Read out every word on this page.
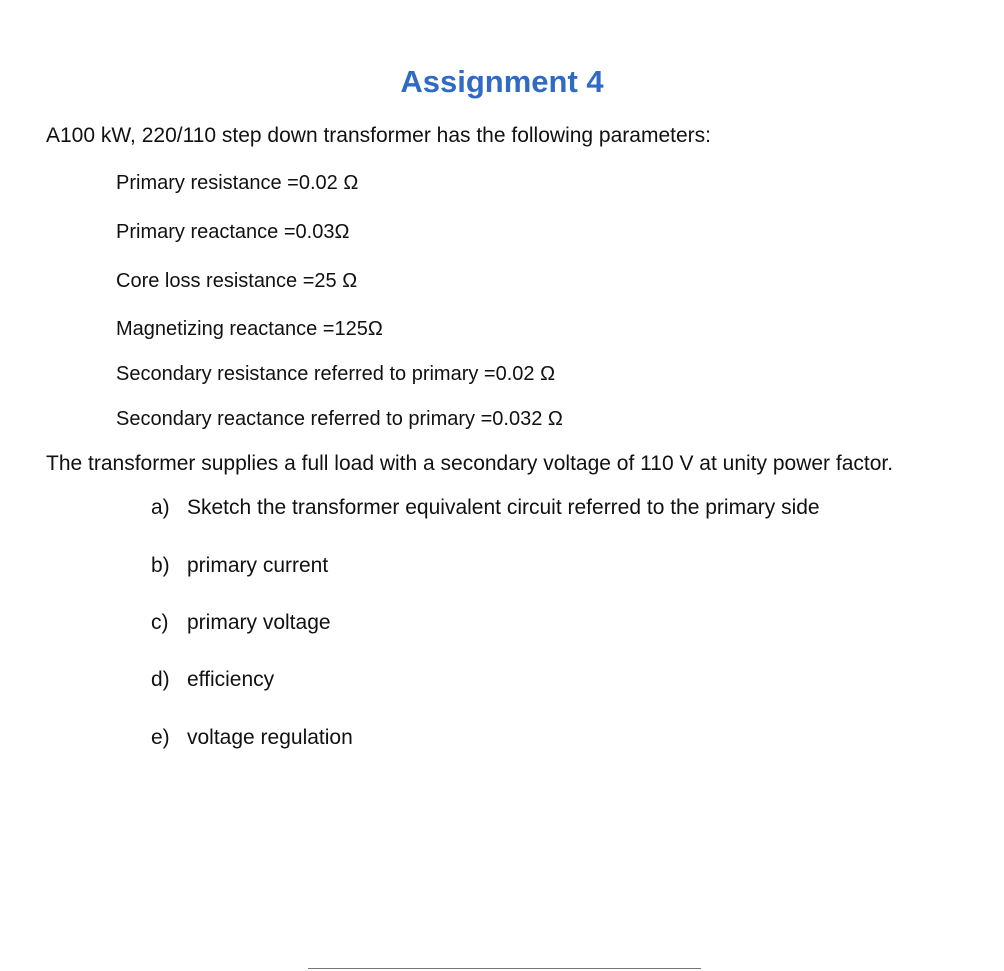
Assignment 4
A100 kW, 220/110 step down transformer has the following parameters:
Primary resistance =0.02 Ω
Primary reactance =0.03Ω
Core loss resistance =25 Ω
Magnetizing reactance =125Ω
Secondary resistance referred to primary =0.02 Ω
Secondary reactance referred to primary =0.032 Ω
The transformer supplies a full load with a secondary voltage of 110 V at unity power factor.
a) Sketch the transformer equivalent circuit referred to the primary side
b) primary current
c) primary voltage
d) efficiency
e) voltage regulation
